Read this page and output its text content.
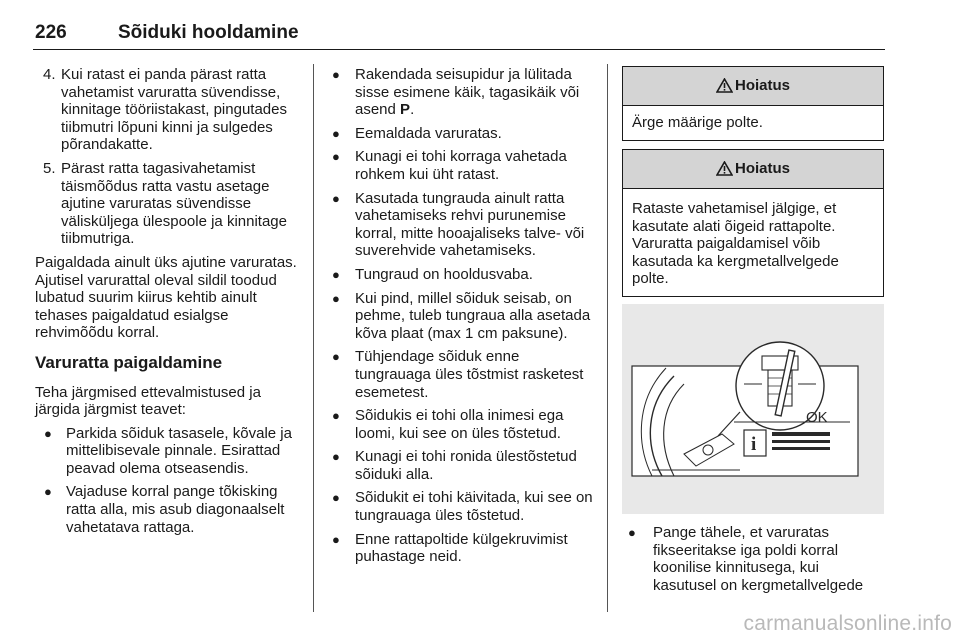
226	Sõiduki hooldamine
4. Kui ratast ei panda pärast ratta vahetamist varuratta süvendisse, kinnitage tööriistakast, pingutades tiibmutri lõpuni kinni ja sulgedes põrandakatte.
5. Pärast ratta tagasivahetamist täismõõdus ratta vastu asetage ajutine varuratas süvendisse välisküljega ülespoole ja kinnitage tiibmutriga.

Paigaldada ainult üks ajutine varuratas. Ajutisel varurattal oleval sildil toodud lubatud suurim kiirus kehtib ainult tehases paigaldatud esialgse rehvimõõdu korral.

Varuratta paigaldamine

Teha järgmised ettevalmistused ja järgida järgmist teavet:

● Parkida sõiduk tasasele, kõvale ja mittelibisevale pinnale. Esirattad peavad olema otseasendis.
● Vajaduse korral pange tõkisking ratta alla, mis asub diagonaalselt vahetatava rattaga.
● Rakendada seisupidur ja lülitada sisse esimene käik, tagasikäik või asend P.
● Eemaldada varuratas.
● Kunagi ei tohi korraga vahetada rohkem kui üht ratast.
● Kasutada tungrauda ainult ratta vahetamiseks rehvi purunemise korral, mitte hooajaliseks talve- või suverehvide vahetamiseks.
● Tungraud on hooldusvaba.
● Kui pind, millel sõiduk seisab, on pehme, tuleb tungraua alla asetada kõva plaat (max 1 cm paksune).
● Tühjendage sõiduk enne tungrauaga üles tõstmist rasketest esemetest.
● Sõidukis ei tohi olla inimesi ega loomi, kui see on üles tõstetud.
● Kunagi ei tohi ronida ülestõstetud sõiduki alla.
● Sõidukit ei tohi käivitada, kui see on tungrauaga üles tõstetud.
● Enne rattapoltide külgekruvimist puhastage neid.
Hoiatus
Ärge määrige polte.
Hoiatus
Rataste vahetamisel jälgige, et kasutate alati õigeid rattapolte. Varuratta paigaldamisel võib kasutada ka kergmetallvelgede polte.
OK
i
● Pange tähele, et varuratas fikseeritakse iga poldi korral koonilise kinnitusega, kui kasutusel on kergmetallvelgede
carmanualsonline.info
